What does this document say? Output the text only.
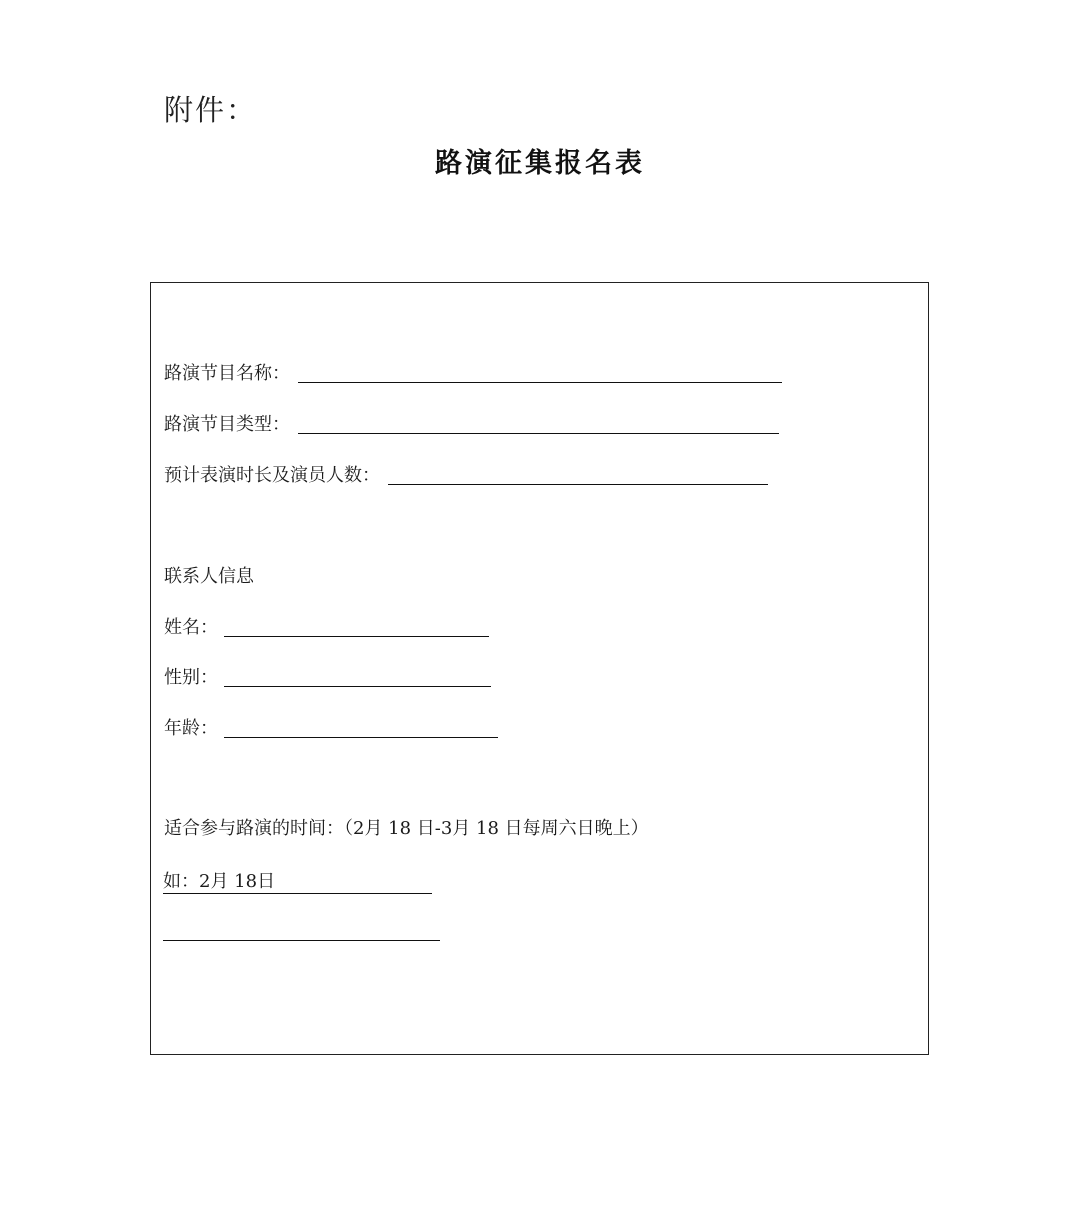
附件：
路演征集报名表
路演节目名称：
路演节目类型：
预计表演时长及演员人数：
联系人信息
姓名：
性别：
年龄：
适合参与路演的时间：（2月 18 日-3月 18 日每周六日晚上）
如：2月 18日
